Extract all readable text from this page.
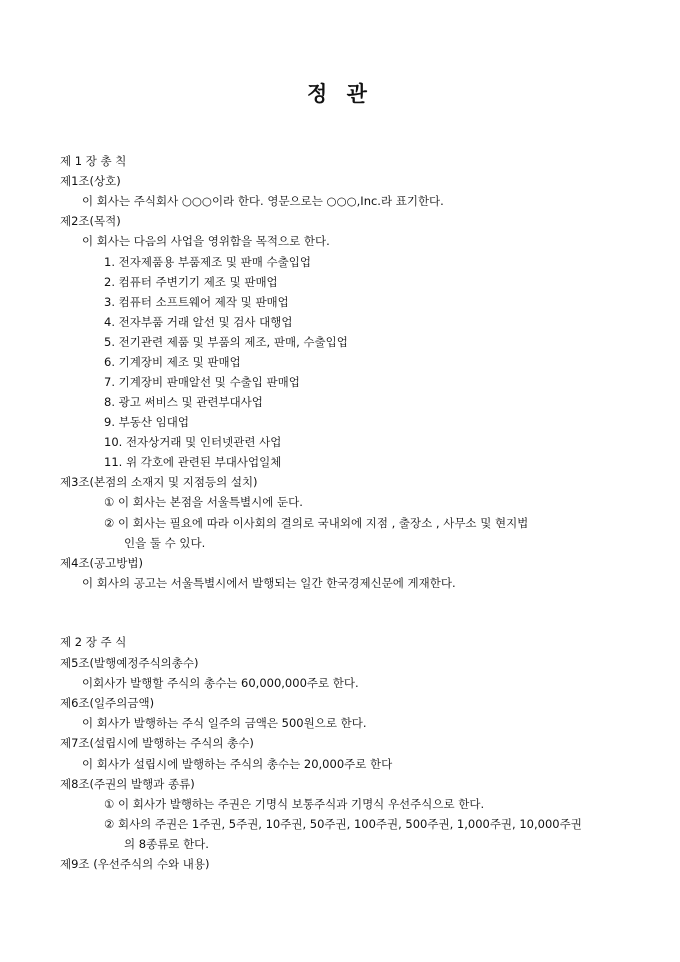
정 관
제 1 장 총 칙
제1조(상호)
이 회사는 주식회사 ○○○이라 한다. 영문으로는 ○○○,Inc.라 표기한다.
제2조(목적)
이 회사는 다음의 사업을 영위함을 목적으로 한다.
1. 전자제품용 부품제조 및 판매 수출입업
2. 컴퓨터 주변기기 제조 및 판매업
3. 컴퓨터 소프트웨어 제작 및 판매업
4. 전자부품 거래 알선 및 검사 대행업
5. 전기관련 제품 및 부품의 제조, 판매, 수출입업
6. 기계장비 제조 및 판매업
7. 기계장비 판매알선 및 수출입 판매업
8. 광고 써비스 및 관련부대사업
9. 부동산 임대업
10. 전자상거래 및 인터넷관련 사업
11. 위 각호에 관련된 부대사업일체
제3조(본점의 소재지 및 지점등의 설치)
① 이 회사는 본점을 서울특별시에 둔다.
② 이 회사는 필요에 따라 이사회의 결의로 국내외에 지점 , 출장소 , 사무소 및 현지법
인을 둘 수 있다.
제4조(공고방법)
이 회사의 공고는 서울특별시에서 발행되는 일간 한국경제신문에 게재한다.
제 2 장 주 식
제5조(발행예정주식의총수)
이회사가 발행할 주식의 총수는 60,000,000주로 한다.
제6조(일주의금액)
이 회사가 발행하는 주식 일주의 금액은 500원으로 한다.
제7조(설립시에 발행하는 주식의 총수)
이 회사가 설립시에 발행하는 주식의 총수는 20,000주로 한다
제8조(주권의 발행과 종류)
① 이 회사가 발행하는 주권은 기명식 보통주식과 기명식 우선주식으로 한다.
② 회사의 주권은 1주권, 5주권, 10주권, 50주권, 100주권, 500주권, 1,000주권, 10,000주권
의 8종류로 한다.
제9조 (우선주식의 수와 내용)
